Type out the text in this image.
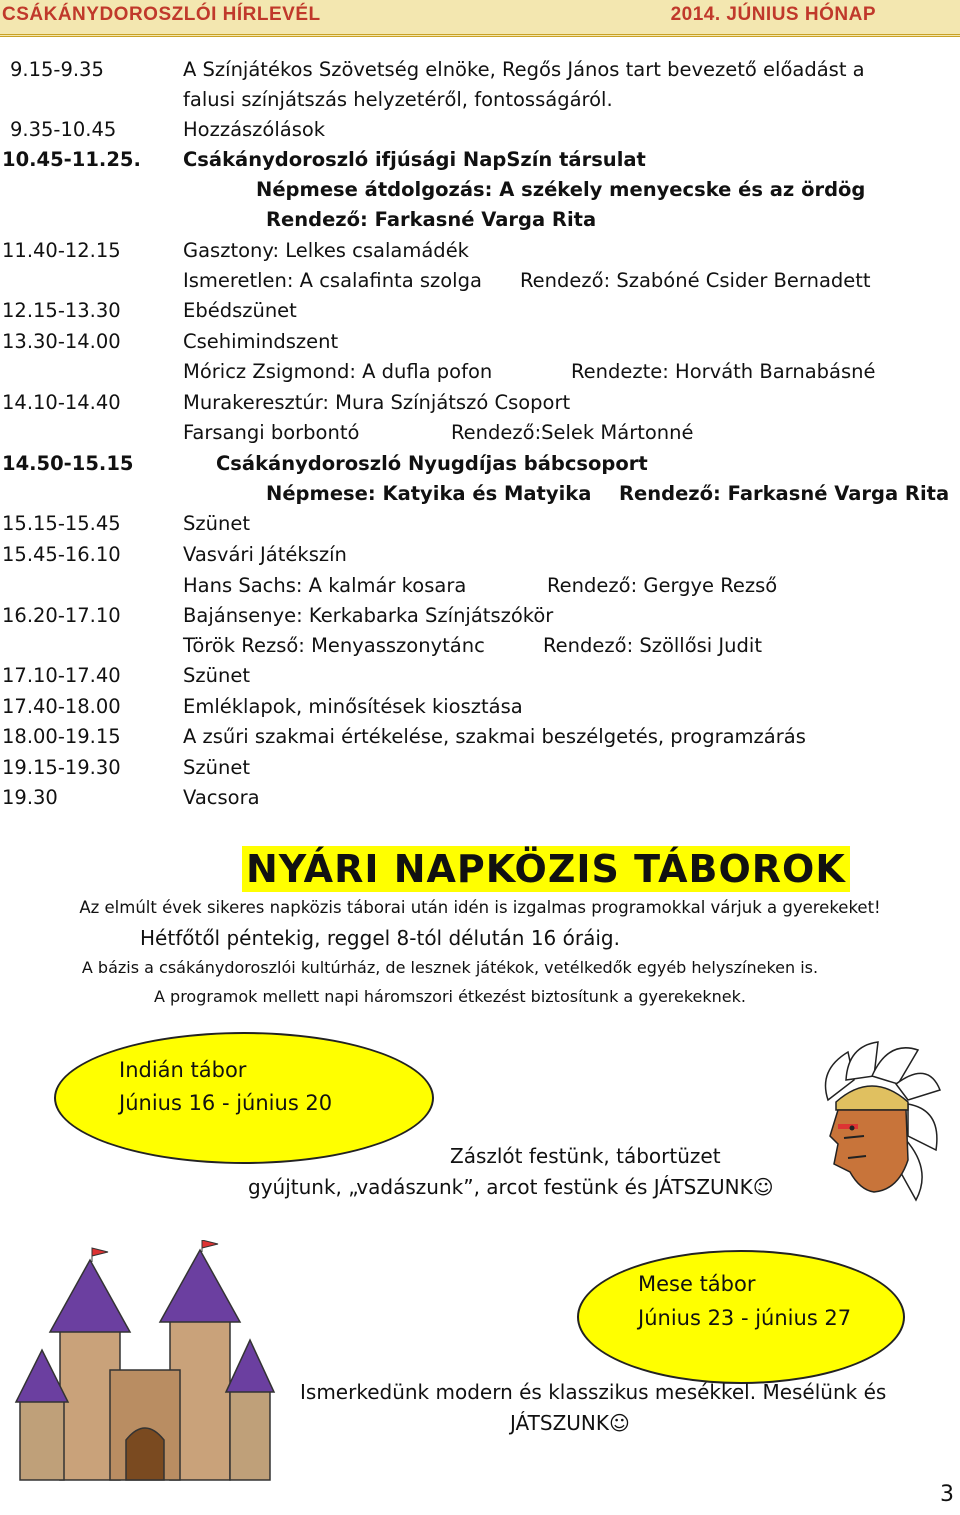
CSÁKÁNYDOROSZLÓI HÍRLEVÉL	2014. JÚNIUS HÓNAP
9.15-9.35	A Színjátékos Szövetség elnöke, Regős János tart bevezető előadást a
falusi színjátszás helyzetéről, fontosságáról.
9.35-10.45	Hozzászólások
10.45-11.25. Csákánydoroszló ifjúsági NapSzín társulat
Népmese átdolgozás: A székely menyecske és az ördög
Rendező: Farkasné Varga Rita
11.40-12.15	Gasztony: Lelkes csalamádék
Ismeretlen: A csalafinta szolga Rendező: Szabóné Csider Bernadett
12.15-13.30	Ebédszünet
13.30-14.00	Csehimindszent
Móricz Zsigmond: A dufla pofon	Rendezte: Horváth Barnabásné
14.10-14.40	Murakeresztúr: Mura Színjátszó Csoport
Farsangi borbontó	Rendező:Selek Mártonné
14.50-15.15	Csákánydoroszló Nyugdíjas bábcsoport
Népmese: Katyika és Matyika Rendező: Farkasné Varga Rita
15.15-15.45	Szünet
15.45-16.10	Vasvári Játékszín
Hans Sachs: A kalmár kosara	Rendező: Gergye Rezső
16.20-17.10	Bajánsenye: Kerkabarka Színjátszókör
Török Rezső: Menyasszonytánc	Rendező: Szöllősi Judit
17.10-17.40	Szünet
17.40-18.00	Emléklapok, minősítések kiosztása
18.00-19.15	A zsűri szakmai értékelése, szakmai beszélgetés, programzárás
19.15-19.30	Szünet
19.30	Vacsora
NYÁRI NAPKÖZIS TÁBOROK
Az elmúlt évek sikeres napközis táborai után idén is izgalmas programokkal várjuk a gyerekeket!
Hétfőtől péntekig, reggel 8-tól délután 16 óráig.
A bázis a csákánydoroszlói kultúrház, de lesznek játékok, vetélkedők egyéb helyszíneken is.
A programok mellett napi háromszori étkezést biztosítunk a gyerekeknek.
Indián tábor
Június 16 - június 20
Zászlót festünk, tábortüzet
gyújtunk, „vadászunk”, arcot festünk és JÁTSZUNK☺
Mese tábor
Június 23 - június 27
Ismerkedünk modern és klasszikus mesékkel. Mesélünk és
JÁTSZUNK☺
3
